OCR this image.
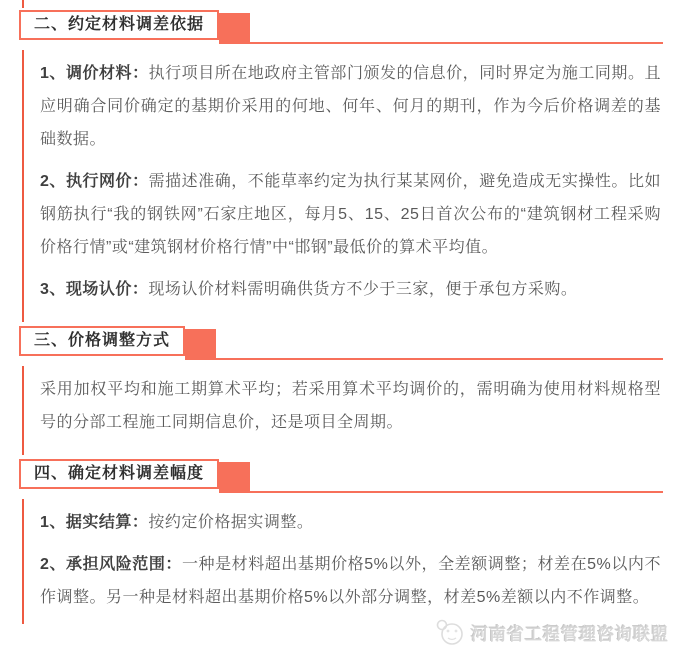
二、约定材料调差依据

1、调价材料：执行项目所在地政府主管部门颁发的信息价，同时界定为施工同期。且应明确合同价确定的基期价采用的何地、何年、何月的期刊，作为今后价格调差的基础数据。

2、执行网价：需描述准确，不能草率约定为执行某某网价，避免造成无实操性。比如钢筋执行“我的钢铁网”石家庄地区，每月5、15、25日首次公布的“建筑钢材工程采购价格行情”或“建筑钢材价格行情”中“邯钢”最低价的算术平均值。

3、现场认价：现场认价材料需明确供货方不少于三家，便于承包方采购。

三、价格调整方式

采用加权平均和施工期算术平均；若采用算术平均调价的，需明确为使用材料规格型号的分部工程施工同期信息价，还是项目全周期。

四、确定材料调差幅度

1、据实结算：按约定价格据实调整。

2、承担风险范围：一种是材料超出基期价格5%以外，全差额调整；材差在5%以内不作调整。另一种是材料超出基期价格5%以外部分调整，材差5%差额以内不作调整。

河南省工程管理咨询联盟
